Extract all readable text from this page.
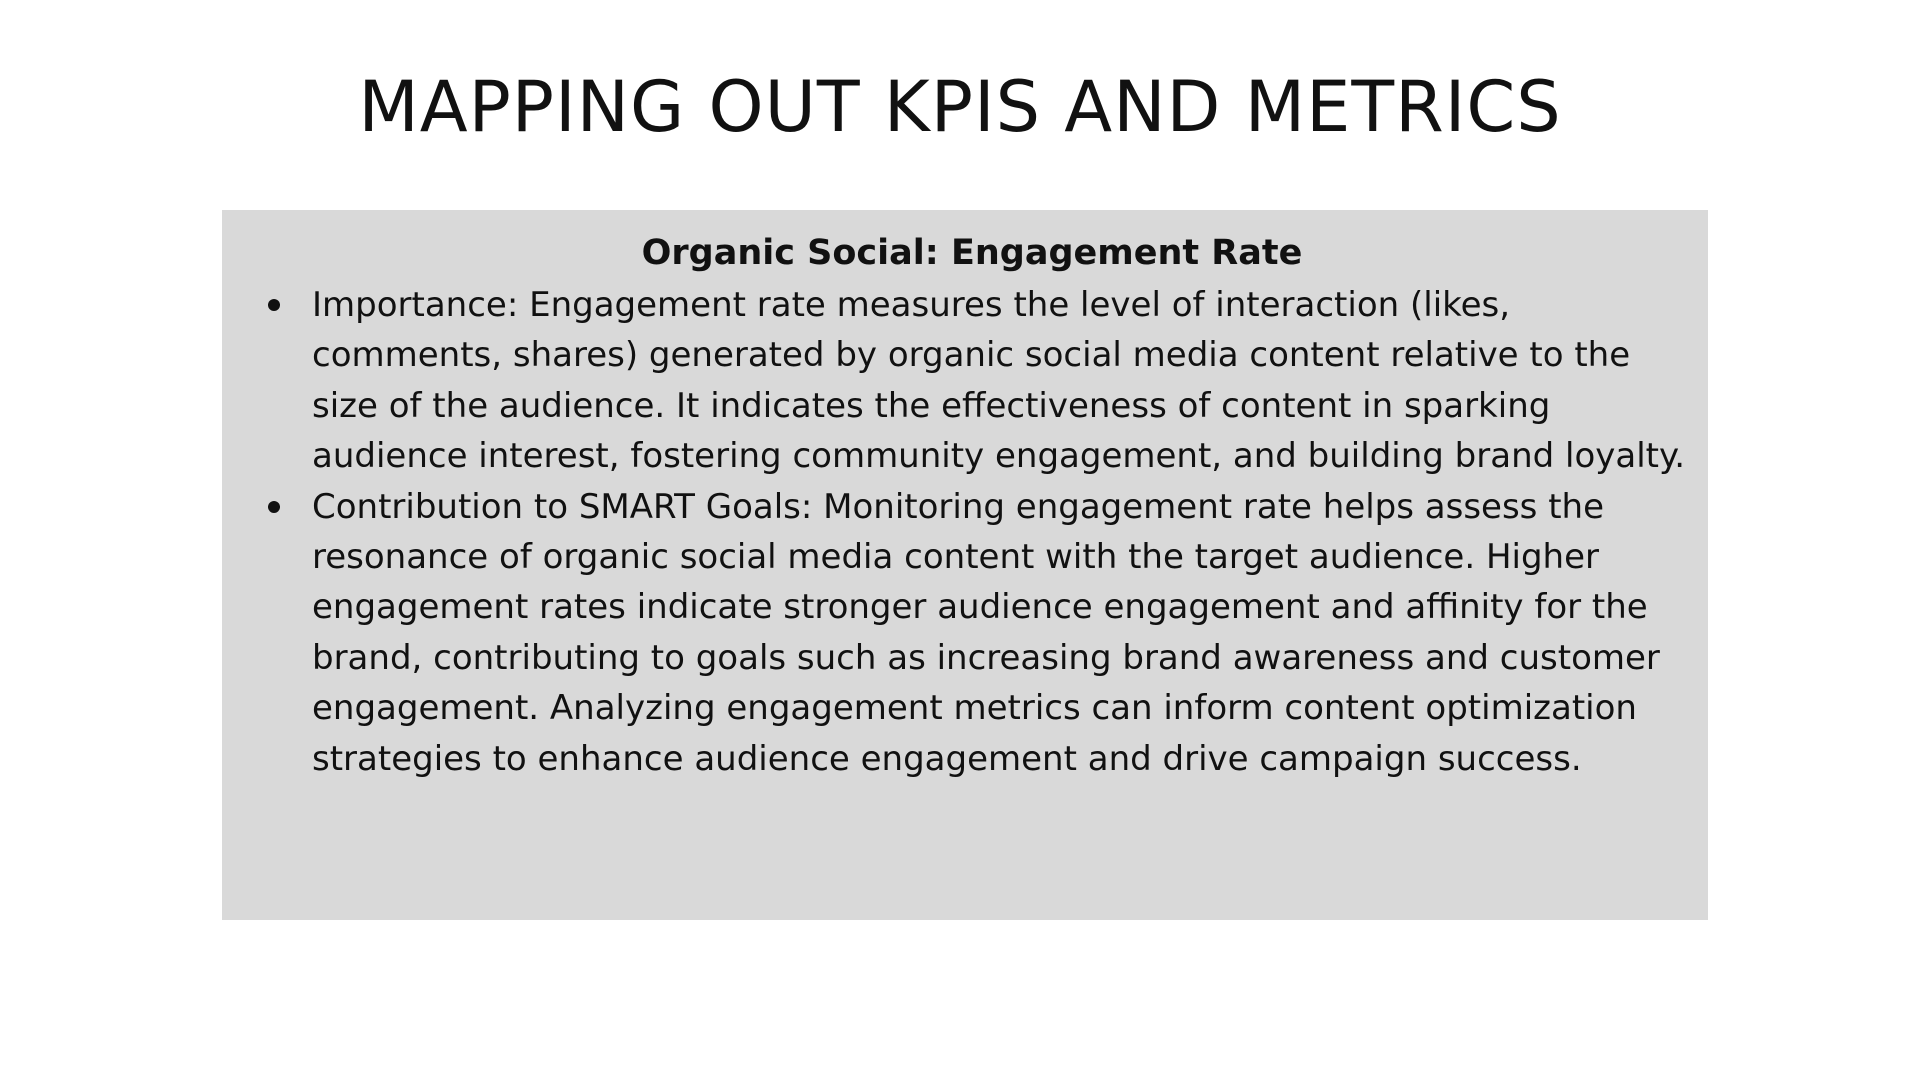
MAPPING OUT KPIS AND METRICS
Organic Social: Engagement Rate
Importance: Engagement rate measures the level of interaction (likes, comments, shares) generated by organic social media content relative to the size of the audience. It indicates the effectiveness of content in sparking audience interest, fostering community engagement, and building brand loyalty.
Contribution to SMART Goals: Monitoring engagement rate helps assess the resonance of organic social media content with the target audience. Higher engagement rates indicate stronger audience engagement and affinity for the brand, contributing to goals such as increasing brand awareness and customer engagement. Analyzing engagement metrics can inform content optimization strategies to enhance audience engagement and drive campaign success.
